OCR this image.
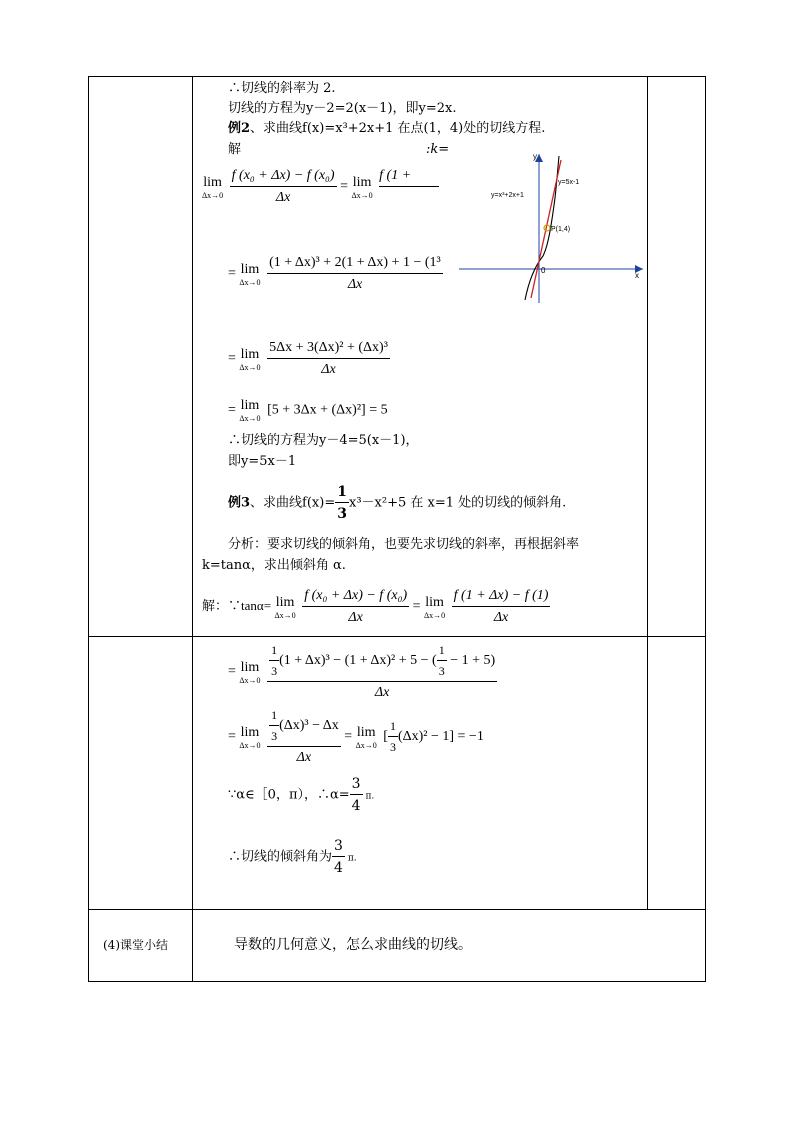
∴切线的斜率为 2.
切线的方程为y－2=2(x－1)，即y=2x.
例2、求曲线f(x)=x³+2x+1 在点(1，4)处的切线方程.
解	:k=
lim
Δx→0
$\frac{\text{f (x₀ + Δx) − f (x₀)}}{\Delta x} = \lim$
Δx→0

f (1 +

= lim
Δx→0
$\frac{\text{(1 + Δx)³ + 2(1 + Δx) + 1 − (1³}}{\Delta x}$
= lim
Δx→0
$\frac{\text{5Δx + 3(Δx)² + (Δx)³}}{\Delta x}$
= lim
Δx→0
[5 + 3Δx + (Δx)²] = 5
∴切线的方程为y－4=5(x－1)，
即y=5x－1
例3、求曲线$f(x)= \frac{1}{3} x^3-x^2+5$ 在 x=1 处的切线的倾斜角.
分析：要求切线的倾斜角，也要先求切线的斜率，再根据斜率
k=tanα，求出倾斜角 α.
解：∵tanα= lim
Δx→0
$\frac{\text{f (x₀ + Δx) − f (x₀)}}{\Delta x} = \lim$
Δx→0
$\frac{f (1 + \Delta x) - f (1)}{\Delta x}$
= lim
Δx→0
$\frac{\frac{1}{3} (1 + \Delta x)^3 - (1 + \Delta x)^2 + 5 - ( \frac{1}{3} - 1 + 5)}{\Delta x}$
= lim
Δx→0
$\frac{\frac{1}{3} (\Delta x)^3 - \Delta x}{\Delta x} = \lim$
Δx→0
[ $\frac{1}{3} (\Delta x)^2 - 1] = -1$
∵α∈［0，π），∴α= $\frac{3}{4} \pi$.
∴切线的倾斜角为 $\frac{3}{4} \pi$.
(4)课堂小结	导数的几何意义，怎么求曲线的切线。
y=x³+2x+1
y=5x-1
P(1,4)
y
x
0
